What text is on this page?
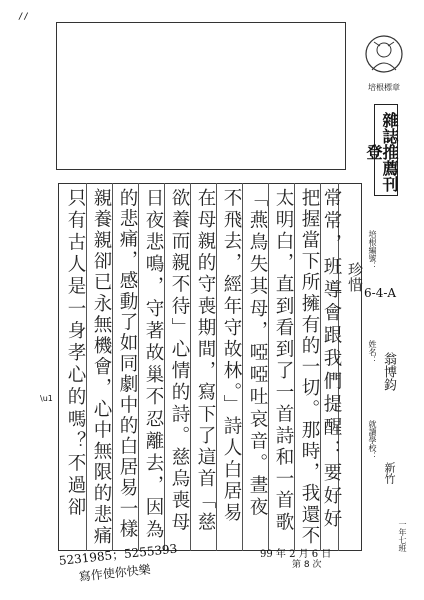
//
培根標章
雜誌推薦刊登
珍惜
常常，班導會跟我們提醒：要好好
把握當下所擁有的一切。那時，我還不
太明白，直到看到了一首詩和一首歌
「燕鳥失其母，啞啞吐哀音。晝夜
不飛去，經年守故林。」詩人白居易
在母親的守喪期間，寫下了這首「慈
欲養而親不待」心情的詩。慈烏喪母
日夜悲鳴，守著故巢不忍離去，因為
的悲痛，感動了如同劇中的白居易一樣
親養親卻已永無機會，心中無限的悲痛
只有古人是一身孝心的嗎？不過卻
\u1
培根編號：
6-4-A
姓名： 翁博鈞
就讀學校：
新竹
一年七班
99 年 2 月 6 日
第 8 次
5231985；5255393
寫作使你快樂
